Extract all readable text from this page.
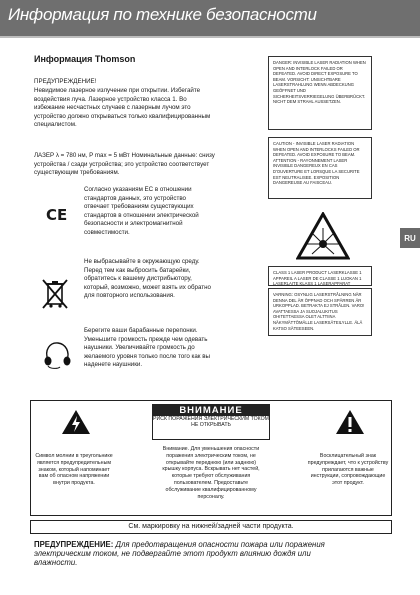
Информация по технике безопасности
Информация Thomson
ПРЕДУПРЕЖДЕНИЕ!
Невидимое лазерное излучение при открытии. Избегайте воздействия луча. Лазерное устройство класса 1. Во избежание несчастных случаев с лазерным лучом это устройство должно открываться только квалифицированным специалистом.
ЛАЗЕР λ = 780 нм, P max = 5 мВт Номинальные данные: снизу устройства / сзади устройства; это устройство соответствует существующим требованиям.
DANGER: INVISIBLE LASER RADIATION WHEN OPEN AND INTERLOCK FAILED OR DEFEATED. AVOID DIRECT EXPOSURE TO BEAM. VORSICHT: UNSICHTBARE LASERSTRAHLUNG WENN ABDECKUNG GEÖFFNET UND SICHERHEITSVERRIEGELUNG ÜBERBRÜCKT. NICHT DEM STRAHL AUSSETZEN.
CAUTION - INVISIBLE LASER RADIATION WHEN OPEN AND INTERLOCKS FAILED OR DEFEATED. AVOID EXPOSURE TO BEAM. ATTENTION - RAYONNEMENT LASER INVISIBLE DANGEREUX EN CAS D'OUVERTURE ET LORSQUE LA SECURITE EST NEUTRALISEE. EXPOSITION DANGEREUSE AU FAISCEAU.
CLASS 1 LASER PRODUCT LASERKLASSE 1 APPAREIL A LASER DE CLASSE 1 LUOKAN 1 LASERLAITE KLASS 1 LASERAPPARAT
VARNING: OSYNLIG LASERSTRÅLNING NÄR DENNA DEL ÄR ÖPPNAD OCH SPÄRREN ÄR URKOPPLAD. BETRAKTA EJ STRÅLEN. VARO! AVATTAESSA JA SUOJALUKITUS OHITETTAESSA OLET ALTTIINA NÄKYMÄTTÖMÄLLE LASERSÄTEILYLLE. ÄLÄ KATSO SÄTEESEEN.
RU
CE
Согласно указаниям ЕС в отношении стандартов данных, это устройство отвечает требованиям существующих стандартов в отношении электрической безопасности и электромагнитной совместимости.
Не выбрасывайте в окружающую среду. Перед тем как выбросить батарейки, обратитесь к вашему дистрибьютору, который, возможно, может взять их обратно для повторного использования.
Берегите ваши барабанные перепонки. Уменьшите громкость прежде чем одевать наушники. Увеличивайте громкость до желаемого уровня только после того как вы наденете наушники.
ВНИМАНИЕ
РИСК ПОРАЖЕНИЯ ЭЛЕКТРИЧЕСКИМ ТОКОМ НЕ ОТКРЫВАТЬ
Символ молнии в треугольнике является предупредительным знаком, который напоминает вам об опасном напряжении внутри продукта.
Внимание. Для уменьшения опасности поражения электрическим током, не открывайте переднюю (или заднюю) крышку корпуса. Вскрывать нет частей, которые требуют обслуживания пользователем. Предоставьте обслуживание квалифицированному персоналу.
Восклицательный знак предупреждает, что к устройству прилагаются важные инструкции, сопровождающие этот продукт.
См. маркировку на нижней/задней части продукта.
ПРЕДУПРЕЖДЕНИЕ: Для предотвращения опасности пожара или поражения электрическим током, не подвергайте этот продукт влиянию дождя или влажности.
